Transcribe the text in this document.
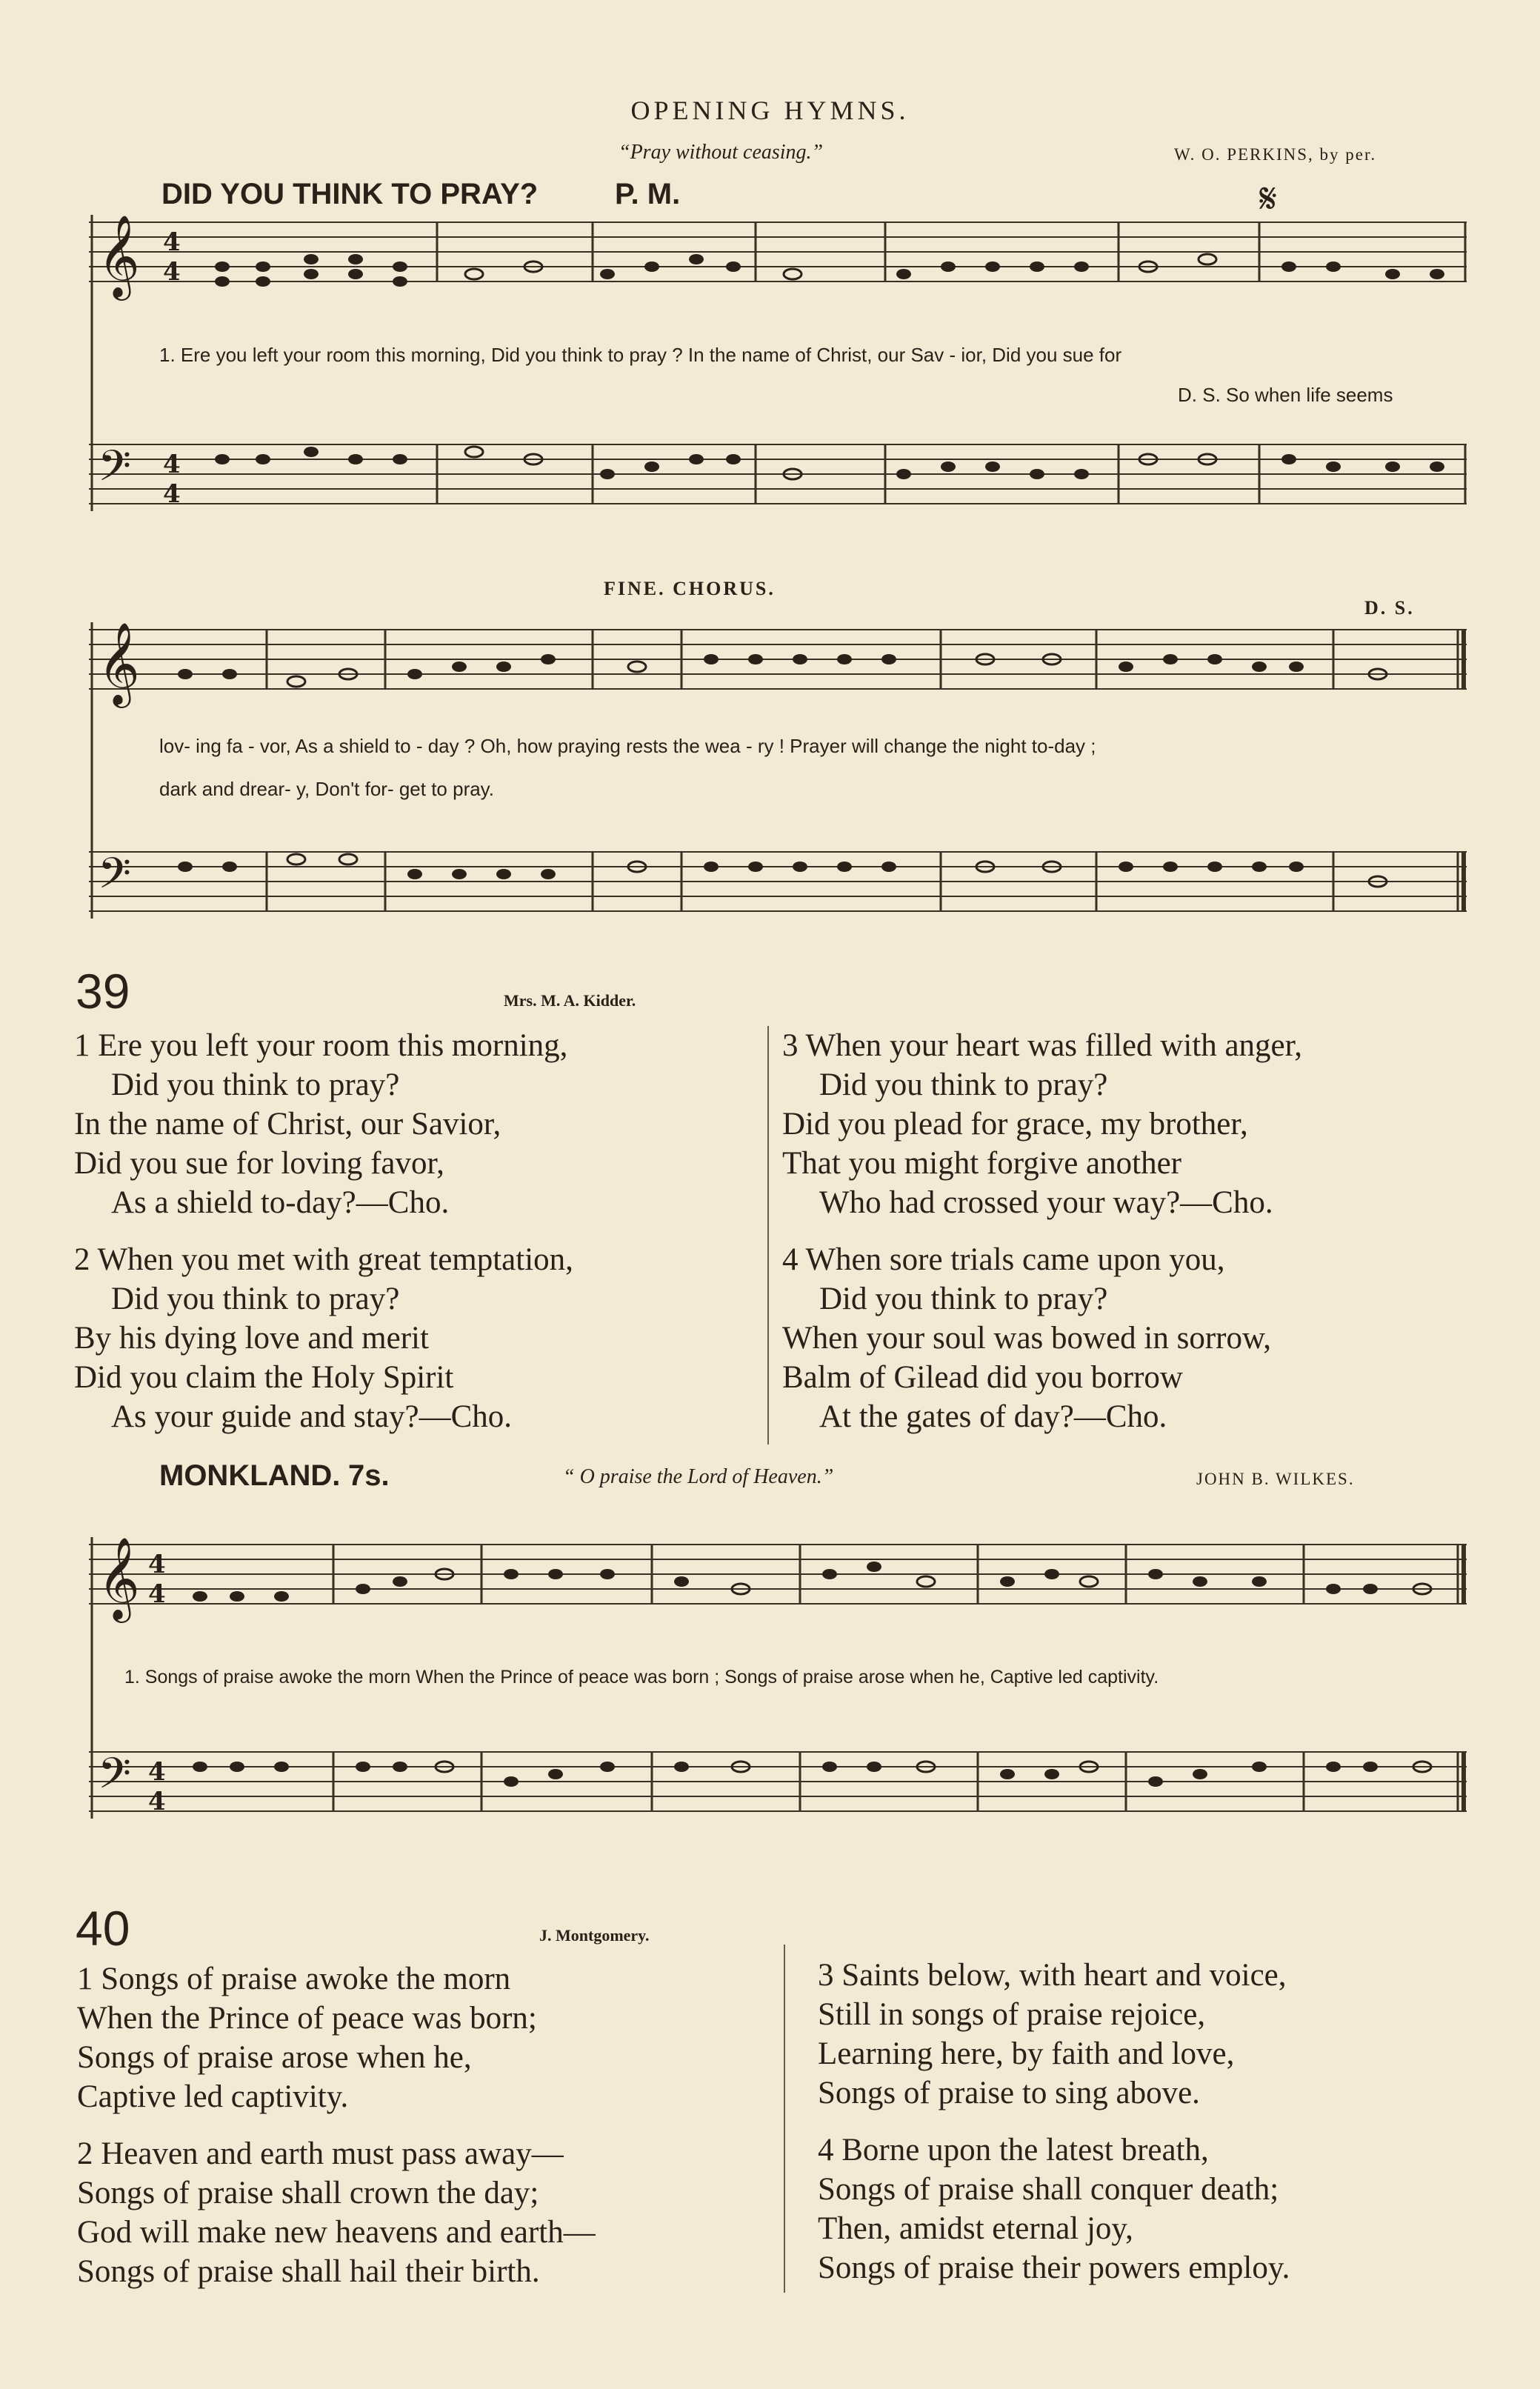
OPENING HYMNS.
“Pray without ceasing.”	W. O. PERKINS, by per.
DID YOU THINK TO PRAY?	P. M.	𝄋
𝄞
𝄢
4
4
4
4
1. Ere you left your room this morning, Did you think to pray ? In the name of Christ, our Sav - ior, Did you sue for
D. S. So when life seems
FINE. CHORUS.
D. S.
𝄞
𝄢
lov- ing fa - vor, As a shield to - day ? Oh, how praying rests the wea - ry ! Prayer will change the night to-day ;
dark and drear- y, Don't for- get to pray.
39	Mrs. M. A. Kidder.
1 Ere you left your room this morning,
Did you think to pray?
In the name of Christ, our Savior,
Did you sue for loving favor,
As a shield to-day?—Cho.
2 When you met with great temptation,
Did you think to pray?
By his dying love and merit
Did you claim the Holy Spirit
As your guide and stay?—Cho.
3 When your heart was filled with anger,
Did you think to pray?
Did you plead for grace, my brother,
That you might forgive another
Who had crossed your way?—Cho.
4 When sore trials came upon you,
Did you think to pray?
When your soul was bowed in sorrow,
Balm of Gilead did you borrow
At the gates of day?—Cho.
MONKLAND. 7s.	“ O praise the Lord of Heaven.”	JOHN B. WILKES.
𝄞
𝄢
4
4
4
4
1. Songs of praise awoke the morn When the Prince of peace was born ; Songs of praise arose when he, Captive led captivity.
40	J. Montgomery.
1 Songs of praise awoke the morn
When the Prince of peace was born;
Songs of praise arose when he,
Captive led captivity.
2 Heaven and earth must pass away—
Songs of praise shall crown the day;
God will make new heavens and earth—
Songs of praise shall hail their birth.
3 Saints below, with heart and voice,
Still in songs of praise rejoice,
Learning here, by faith and love,
Songs of praise to sing above.
4 Borne upon the latest breath,
Songs of praise shall conquer death;
Then, amidst eternal joy,
Songs of praise their powers employ.
